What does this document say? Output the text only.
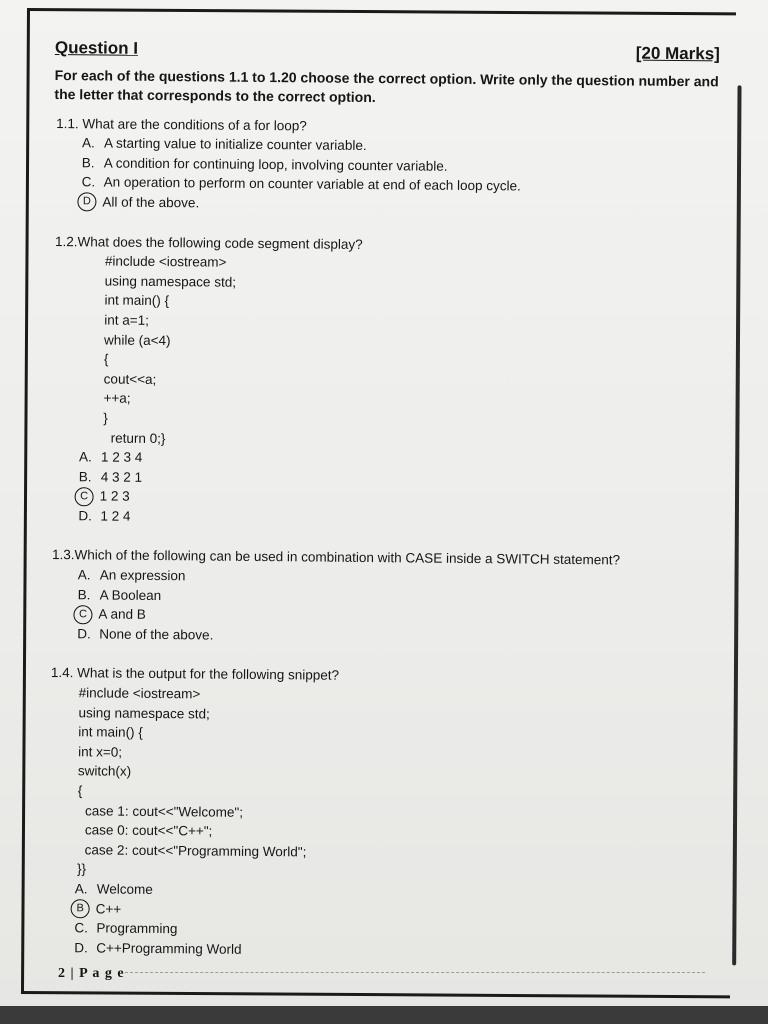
Question I	[20 Marks]
For each of the questions 1.1 to 1.20 choose the correct option. Write only the question number and the letter that corresponds to the correct option.
1.1. What are the conditions of a for loop?
A. A starting value to initialize counter variable.
B. A condition for continuing loop, involving counter variable.
C. An operation to perform on counter variable at end of each loop cycle.
D All of the above.
1.2.What does the following code segment display?
#include <iostream>
using namespace std;
int main() {
int a=1;
while (a<4)
{
cout<<a;
++a;
}
return 0;}
A. 1 2 3 4
B. 4 3 2 1
C 1 2 3
D. 1 2 4
1.3.Which of the following can be used in combination with CASE inside a SWITCH statement?
A. An expression
B. A Boolean
C A and B
D. None of the above.
1.4. What is the output for the following snippet?
#include <iostream>
using namespace std;
int main() {
int x=0;
switch(x)
{
case 1: cout<<"Welcome";
case 0: cout<<"C++";
case 2: cout<<"Programming World";
}}
A. Welcome
B C++
C. Programming
D. C++Programming World
2 | P a g e
